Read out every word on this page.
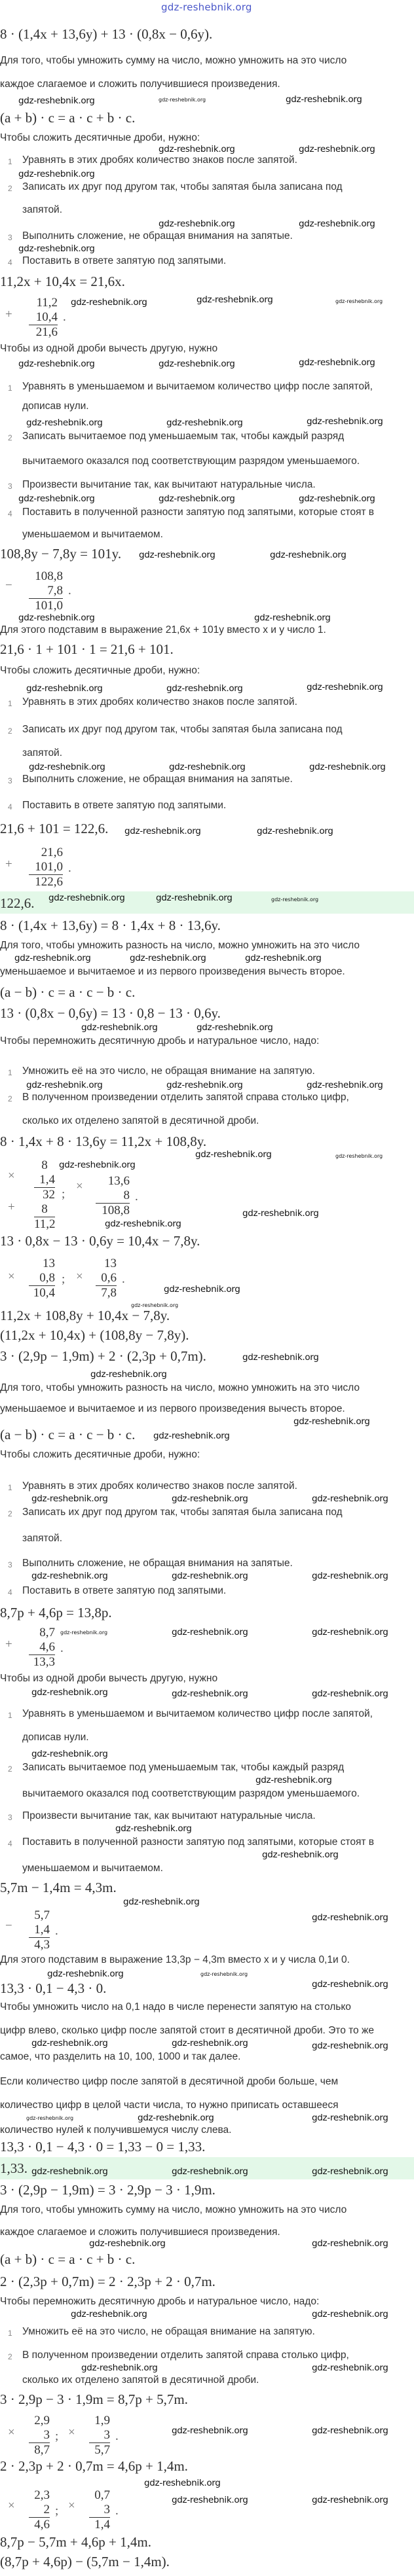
gdz-reshebnik.org
8 · (1,4x + 13,6y) + 13 · (0,8x − 0,6y).
Для того, чтобы умножить сумму на число, можно умножить на это число
каждое слагаемое и сложить получившиеся произведения.
gdz-reshebnik.org	gdz-reshebnik.org	gdz-reshebnik.org
(a + b) · c = a · c + b · c.
Чтобы сложить десятичные дроби, нужно:
gdz-reshebnik.org	gdz-reshebnik.org
1 Уравнять в этих дробях количество знаков после запятой.
gdz-reshebnik.org
2 Записать их друг под другом так, чтобы запятая была записана под
запятой.
gdz-reshebnik.org	gdz-reshebnik.org
3 Выполнить сложение, не обращая внимания на запятые.
gdz-reshebnik.org
4 Поставить в ответе запятую под запятыми.
11,2x + 10,4x = 21,6x.
+
11,2
10,4
21,6
.
gdz-reshebnik.org	gdz-reshebnik.org	gdz-reshebnik.org
Чтобы из одной дроби вычесть другую, нужно
gdz-reshebnik.org	gdz-reshebnik.org	gdz-reshebnik.org
1 Уравнять в уменьшаемом и вычитаемом количество цифр после запятой,
дописав нули.
gdz-reshebnik.org	gdz-reshebnik.org	gdz-reshebnik.org
2 Записать вычитаемое под уменьшаемым так, чтобы каждый разряд
вычитаемого оказался под соответствующим разрядом уменьшаемого.
3 Произвести вычитание так, как вычитают натуральные числа.
gdz-reshebnik.org	gdz-reshebnik.org	gdz-reshebnik.org
4 Поставить в полученной разности запятую под запятыми, которые стоят в
уменьшаемом и вычитаемом.
108,8y − 7,8y = 101y. gdz-reshebnik.org	gdz-reshebnik.org
−
108,8
7,8
101,0
.
gdz-reshebnik.org	gdz-reshebnik.org
Для этого подставим в выражение 21,6x + 101y вместо x и y число 1.
21,6 · 1 + 101 · 1 = 21,6 + 101.
Чтобы сложить десятичные дроби, нужно:
gdz-reshebnik.org	gdz-reshebnik.org	gdz-reshebnik.org
1 Уравнять в этих дробях количество знаков после запятой.
2 Записать их друг под другом так, чтобы запятая была записана под
запятой.
gdz-reshebnik.org	gdz-reshebnik.org	gdz-reshebnik.org
3 Выполнить сложение, не обращая внимания на запятые.
4 Поставить в ответе запятую под запятыми.
21,6 + 101 = 122,6. gdz-reshebnik.org	gdz-reshebnik.org
+
21,6
101,0
122,6
.
122,6. gdz-reshebnik.org	gdz-reshebnik.org	gdz-reshebnik.org
8 · (1,4x + 13,6y) = 8 · 1,4x + 8 · 13,6y.
Для того, чтобы умножить разность на число, можно умножить на это число
gdz-reshebnik.org	gdz-reshebnik.org	gdz-reshebnik.org
уменьшаемое и вычитаемое и из первого произведения вычесть второе.
(a − b) · c = a · c − b · c.
13 · (0,8x − 0,6y) = 13 · 0,8 − 13 · 0,6y.
gdz-reshebnik.org	gdz-reshebnik.org
Чтобы перемножить десятичную дробь и натуральное число, надо:
1 Умножить её на это число, не обращая внимание на запятую.
gdz-reshebnik.org	gdz-reshebnik.org	gdz-reshebnik.org
2 В полученном произведении отделить запятой справа столько цифр,
сколько их отделено запятой в десятичной дроби.
8 · 1,4x + 8 · 13,6y = 11,2x + 108,8y.
gdz-reshebnik.org	gdz-reshebnik.org
×
8
1,4
32
8
11,2
+
;
gdz-reshebnik.org
×	13,6
8
108,8
.
gdz-reshebnik.org
gdz-reshebnik.org
13 · 0,8x − 13 · 0,6y = 10,4x − 7,8y.
×
13
0,8
10,4
; ×
13
0,6
7,8
.
gdz-reshebnik.org
gdz-reshebnik.org
11,2x + 108,8y + 10,4x − 7,8y.
(11,2x + 10,4x) + (108,8y − 7,8y).
3 · (2,9p − 1,9m) + 2 · (2,3p + 0,7m).	gdz-reshebnik.org
gdz-reshebnik.org
Для того, чтобы умножить разность на число, можно умножить на это число
уменьшаемое и вычитаемое и из первого произведения вычесть второе.
gdz-reshebnik.org
(a − b) · c = a · c − b · c. gdz-reshebnik.org
Чтобы сложить десятичные дроби, нужно:
1 Уравнять в этих дробях количество знаков после запятой.
gdz-reshebnik.org	gdz-reshebnik.org	gdz-reshebnik.org
2 Записать их друг под другом так, чтобы запятая была записана под
запятой.
3 Выполнить сложение, не обращая внимания на запятые.
gdz-reshebnik.org	gdz-reshebnik.org	gdz-reshebnik.org
4 Поставить в ответе запятую под запятыми.
8,7p + 4,6p = 13,8p.
+
8,7
4,6
13,3
.
gdz-reshebnik.org	gdz-reshebnik.org	gdz-reshebnik.org
Чтобы из одной дроби вычесть другую, нужно
gdz-reshebnik.org	gdz-reshebnik.org	gdz-reshebnik.org
1 Уравнять в уменьшаемом и вычитаемом количество цифр после запятой,
дописав нули.
gdz-reshebnik.org
2 Записать вычитаемое под уменьшаемым так, чтобы каждый разряд
gdz-reshebnik.org
вычитаемого оказался под соответствующим разрядом уменьшаемого.
3 Произвести вычитание так, как вычитают натуральные числа.
gdz-reshebnik.org
4 Поставить в полученной разности запятую под запятыми, которые стоят в
gdz-reshebnik.org
уменьшаемом и вычитаемом.
5,7m − 1,4m = 4,3m.
gdz-reshebnik.org
−
5,7
1,4
4,3
.
gdz-reshebnik.org
Для этого подставим в выражение 13,3p − 4,3m вместо x и y числа 0,1и 0.
gdz-reshebnik.org	gdz-reshebnik.org
gdz-reshebnik.org
13,3 · 0,1 − 4,3 · 0.
Чтобы умножить число на 0,1 надо в числе перенести запятую на столько
цифр влево, сколько цифр после запятой стоит в десятичной дроби. Это то же
gdz-reshebnik.org	gdz-reshebnik.org	gdz-reshebnik.org
самое, что разделить на 10, 100, 1000 и так далее.
Если количество цифр после запятой в десятичной дроби больше, чем
количество цифр в целой части числа, то нужно приписать оставшееся
gdz-reshebnik.org	gdz-reshebnik.org	gdz-reshebnik.org
количество нулей к получившемуся числу слева.
13,3 · 0,1 − 4,3 · 0 = 1,33 − 0 = 1,33.
1,33. gdz-reshebnik.org	gdz-reshebnik.org	gdz-reshebnik.org
3 · (2,9p − 1,9m) = 3 · 2,9p − 3 · 1,9m.
Для того, чтобы умножить сумму на число, можно умножить на это число
каждое слагаемое и сложить получившиеся произведения.
gdz-reshebnik.org	gdz-reshebnik.org
(a + b) · c = a · c + b · c.
2 · (2,3p + 0,7m) = 2 · 2,3p + 2 · 0,7m.
Чтобы перемножить десятичную дробь и натуральное число, надо:
gdz-reshebnik.org	gdz-reshebnik.org
1 Умножить её на это число, не обращая внимание на запятую.
2 В полученном произведении отделить запятой справа столько цифр,
gdz-reshebnik.org	gdz-reshebnik.org
сколько их отделено запятой в десятичной дроби.
3 · 2,9p − 3 · 1,9m = 8,7p + 5,7m.
×
2,9
3
8,7
; ×
1,9
3
5,7
.	gdz-reshebnik.org	gdz-reshebnik.org
2 · 2,3p + 2 · 0,7m = 4,6p + 1,4m.
gdz-reshebnik.org
×
2,3
2
4,6
; ×
0,7
3
1,4
.
gdz-reshebnik.org	gdz-reshebnik.org
8,7p − 5,7m + 4,6p + 1,4m.
(8,7p + 4,6p) − (5,7m − 1,4m).
